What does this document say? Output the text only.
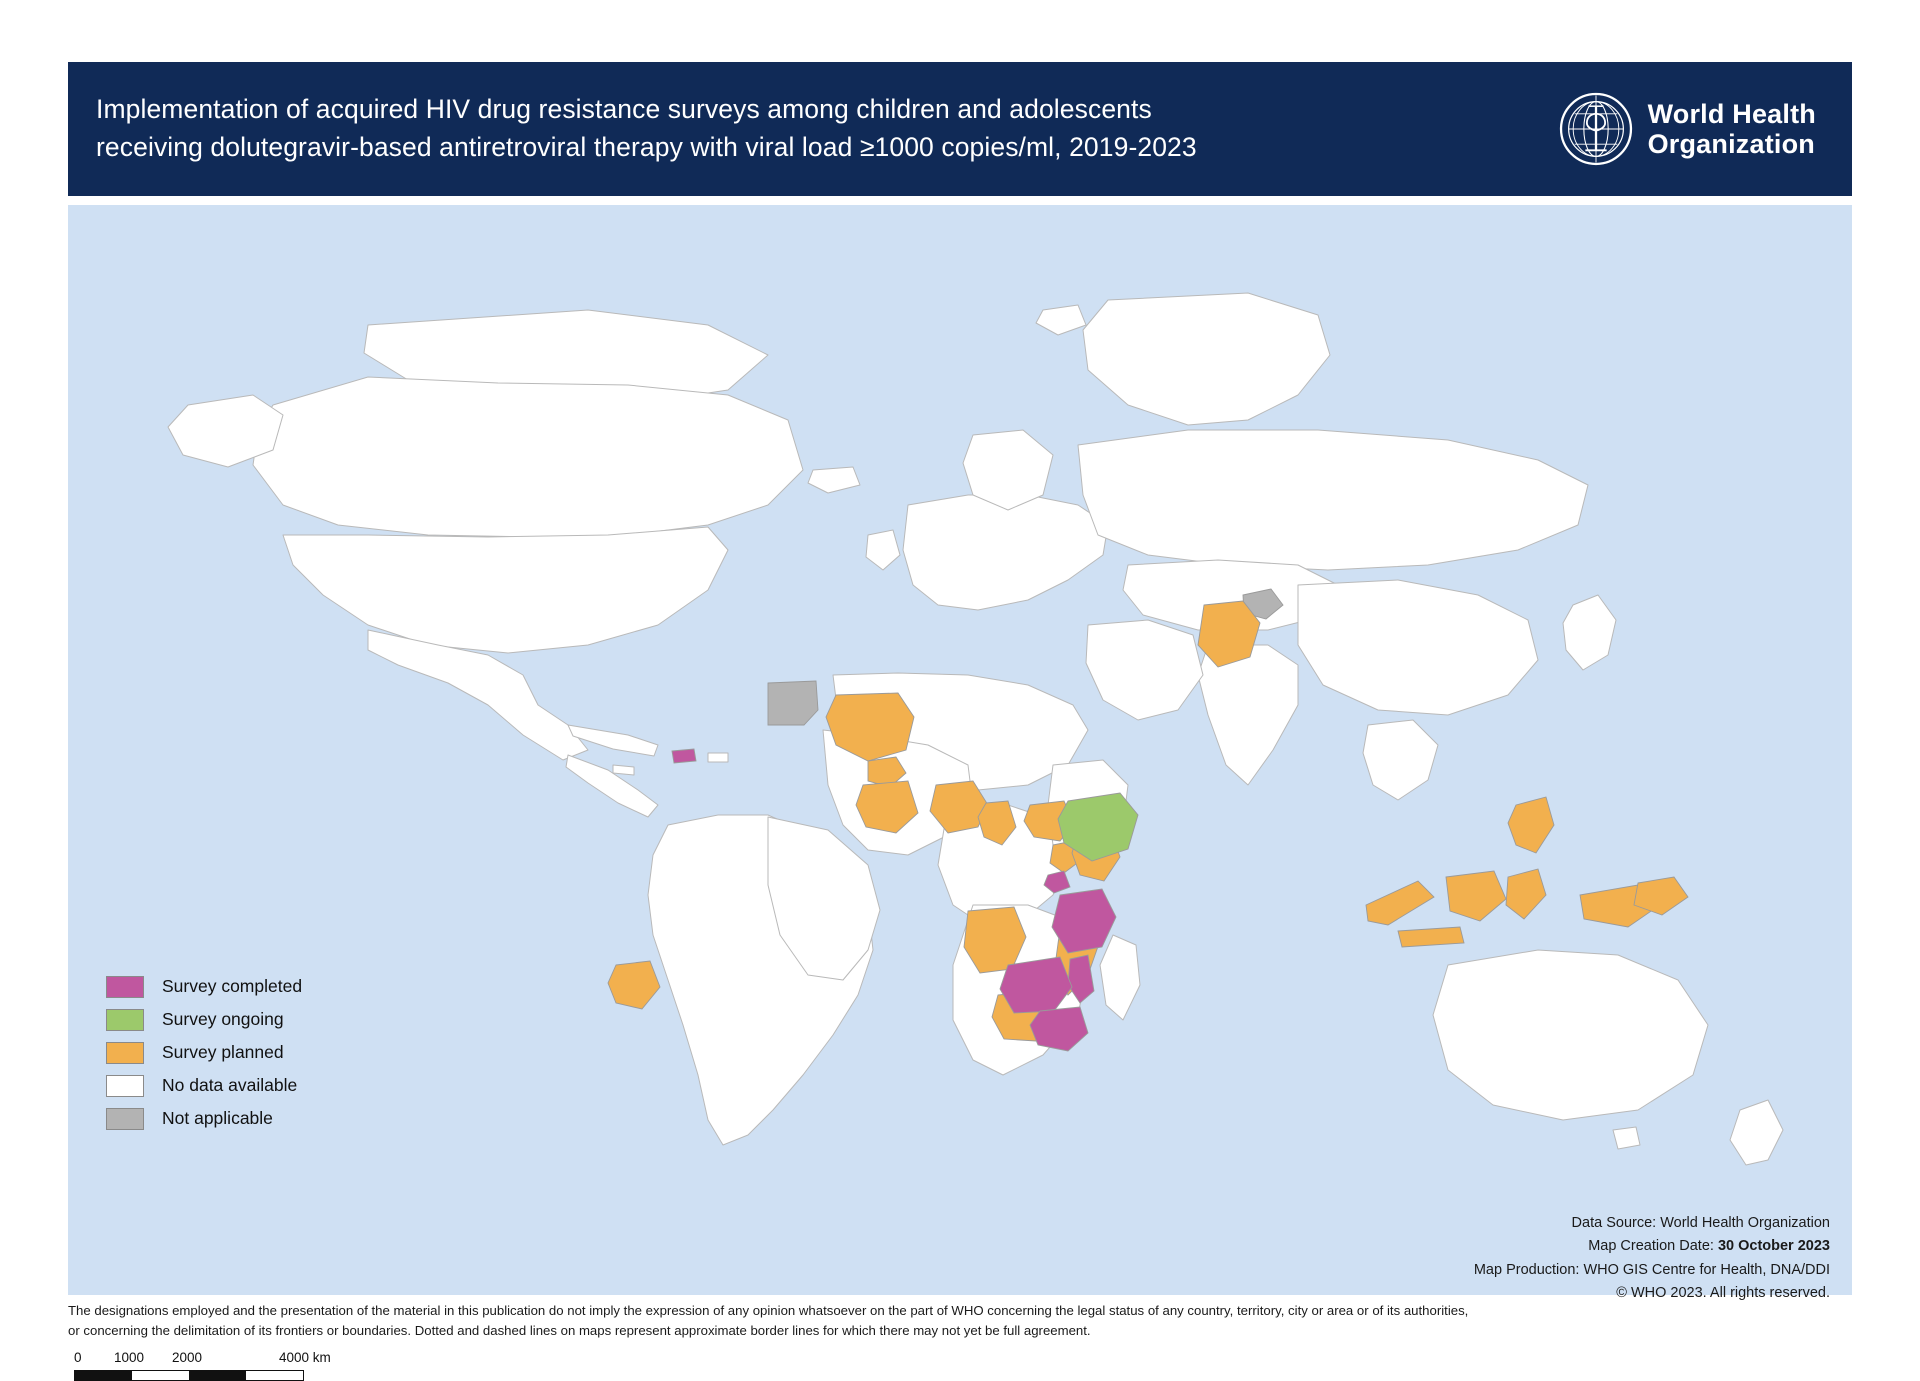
Implementation of acquired HIV drug resistance surveys among children and adolescents
receiving dolutegravir-based antiretroviral therapy with viral load ≥1000 copies/ml, 2019-2023
World Health
Organization
Survey completed
Survey ongoing
Survey planned
No data available
Not applicable
0 1000 2000	4000 km
Data Source: World Health Organization
Map Creation Date: 30 October 2023
Map Production: WHO GIS Centre for Health, DNA/DDI
© WHO 2023. All rights reserved.
The designations employed and the presentation of the material in this publication do not imply the expression of any opinion whatsoever on the part of WHO concerning the legal status of any country, territory, city or area or of its authorities, or concerning the delimitation of its frontiers or boundaries. Dotted and dashed lines on maps represent approximate border lines for which there may not yet be full agreement.
